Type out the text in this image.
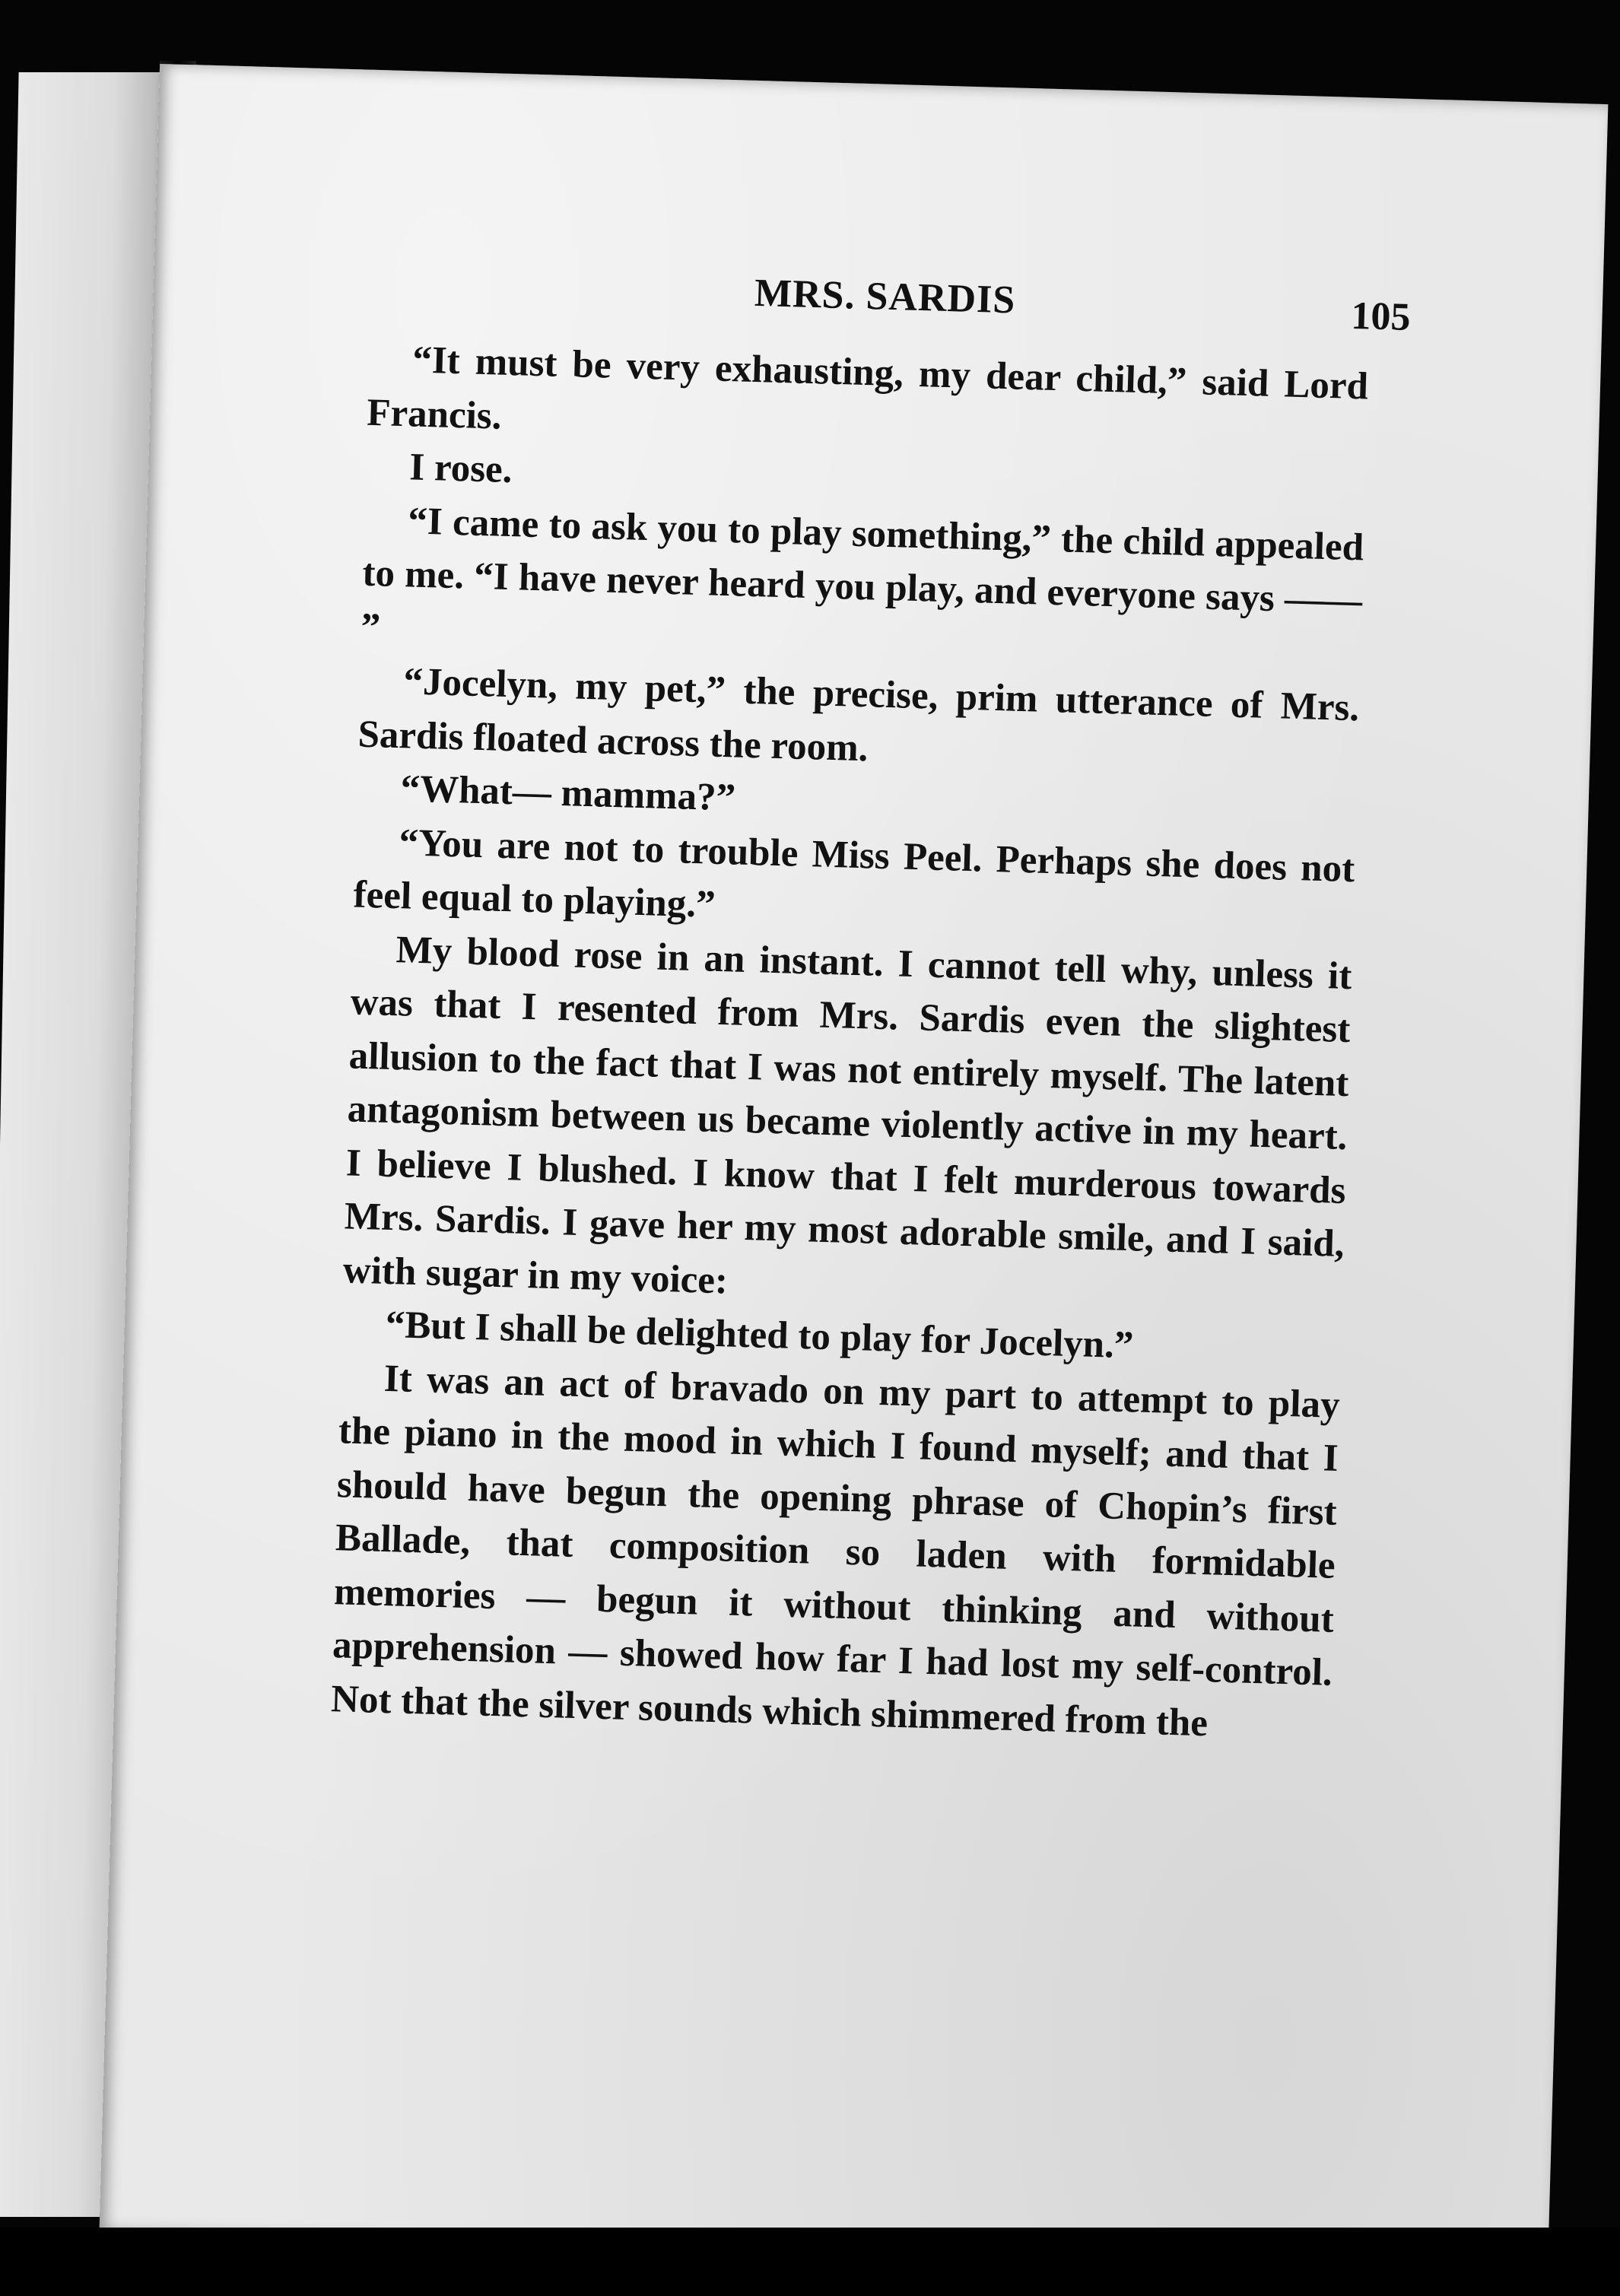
MRS. SARDIS	105

“It must be very exhausting, my dear child,” said Lord Francis.

I rose.

“I came to ask you to play something,” the child appealed to me. “I have never heard you play, and everyone says —— ”

“Jocelyn, my pet,” the precise, prim utterance of Mrs. Sardis floated across the room.

“What— mamma?”

“You are not to trouble Miss Peel. Perhaps she does not feel equal to playing.”

My blood rose in an instant. I cannot tell why, unless it was that I resented from Mrs. Sardis even the slightest allusion to the fact that I was not entirely myself. The latent antagonism between us became violently active in my heart. I believe I blushed. I know that I felt murderous towards Mrs. Sardis. I gave her my most adorable smile, and I said, with sugar in my voice:

“But I shall be delighted to play for Jocelyn.”

It was an act of bravado on my part to attempt to play the piano in the mood in which I found myself; and that I should have begun the opening phrase of Chopin’s first Ballade, that composition so laden with formidable memories — begun it without thinking and without apprehension — showed how far I had lost my self-control. Not that the silver sounds which shimmered from the
